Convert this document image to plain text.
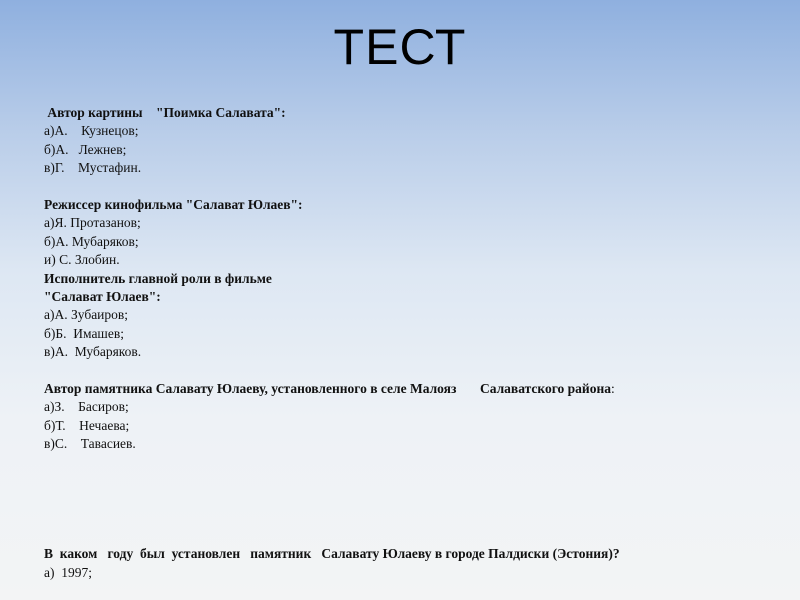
ТЕСТ
Автор картины    "Поимка Салавата":
а)А.    Кузнецов;
б)А.   Лежнев;
в)Г.    Мустафин.
Режиссер кинофильма "Салават Юлаев":
а)Я. Протазанов;
б)А. Мубаряков;
и) С. Злобин.
Исполнитель главной роли в фильме
"Салават Юлаев":
а)А. Зубаиров;
б)Б.  Имашев;
в)А.  Мубаряков.
Автор памятника Салавату Юлаеву, установленного в селе Малояз       Салаватского района:
а)З.    Басиров;
б)Т.    Нечаева;
в)С.    Тавасиев.
В  каком   году  был  установлен   памятник   Салавату Юлаеву в городе Палдиски (Эстония)?
а)  1997;
